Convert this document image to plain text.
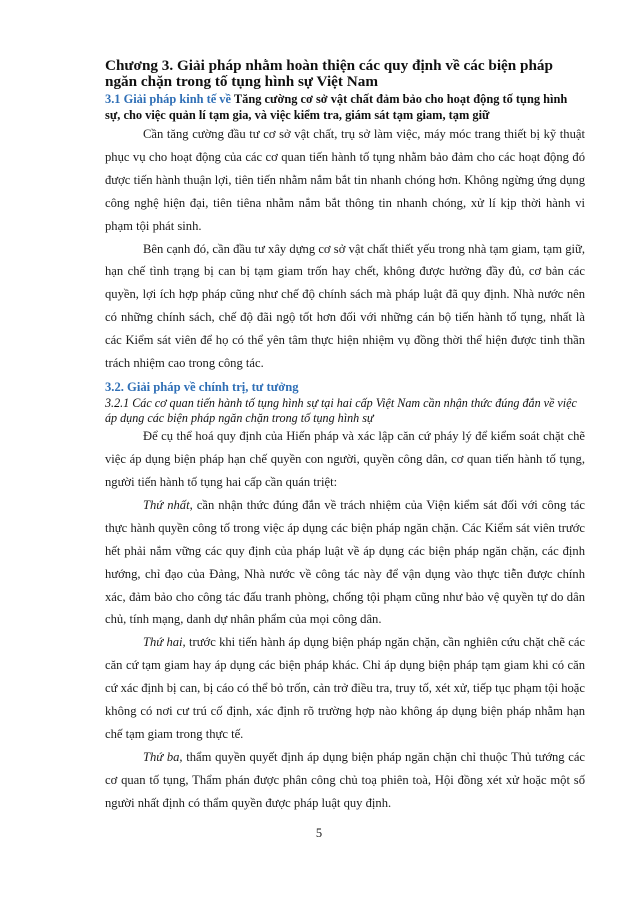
Chương 3. Giải pháp nhằm hoàn thiện các quy định về các biện pháp ngăn chặn trong tố tụng hình sự Việt Nam

3.1 Giải pháp kinh tế về Tăng cường cơ sở vật chất đảm bảo cho hoạt động tố tụng hình sự, cho việc quản lí tạm gia, và việc kiểm tra, giám sát tạm giam, tạm giữ

Cần tăng cường đầu tư cơ sở vật chất, trụ sở làm việc, máy móc trang thiết bị kỹ thuật phục vụ cho hoạt động của các cơ quan tiến hành tố tụng nhằm bảo đảm cho các hoạt động đó được tiến hành thuận lợi, tiên tiến nhằm nắm bắt tin nhanh chóng hơn. Không ngừng ứng dụng công nghệ hiện đại, tiên tiêna nhằm nắm bắt thông tin nhanh chóng, xử lí kịp thời hành vi phạm tội phát sinh.

Bên cạnh đó, cần đầu tư xây dựng cơ sở vật chất thiết yếu trong nhà tạm giam, tạm giữ, hạn chế tình trạng bị can bị tạm giam trốn hay chết, không được hưởng đầy đủ, cơ bản các quyền, lợi ích hợp pháp cũng như chế độ chính sách mà pháp luật đã quy định. Nhà nước nên có những chính sách, chế độ đãi ngộ tốt hơn đối với những cán bộ tiến hành tố tụng, nhất là các Kiểm sát viên để họ có thể yên tâm thực hiện nhiệm vụ đồng thời thể hiện được tinh thần trách nhiệm cao trong công tác.

3.2. Giải pháp về chính trị, tư tưởng

3.2.1 Các cơ quan tiến hành tố tụng hình sự tại hai cấp Việt Nam cần nhận thức đúng đắn về việc áp dụng các biện pháp ngăn chặn trong tố tụng hình sự

Để cụ thể hoá quy định của Hiến pháp và xác lập căn cứ pháy lý để kiểm soát chặt chẽ việc áp dụng biện pháp hạn chế quyền con người, quyền công dân, cơ quan tiến hành tố tụng, người tiến hành tố tụng hai cấp cần quán triệt:

Thứ nhất, cần nhận thức đúng đắn về trách nhiệm của Viện kiểm sát đối với công tác thực hành quyền công tố trong việc áp dụng các biện pháp ngăn chặn. Các Kiểm sát viên trước hết phải nắm vững các quy định của pháp luật về áp dụng các biện pháp ngăn chặn, các định hướng, chỉ đạo của Đảng, Nhà nước về công tác này để vận dụng vào thực tiễn được chính xác, đảm bảo cho công tác đấu tranh phòng, chống tội phạm cũng như bảo vệ quyền tự do dân chủ, tính mạng, danh dự nhân phẩm của mọi công dân.

Thứ hai, trước khi tiến hành áp dụng biện pháp ngăn chặn, cần nghiên cứu chặt chẽ các căn cứ tạm giam hay áp dụng các biện pháp khác. Chỉ áp dụng biện pháp tạm giam khi có căn cứ xác định bị can, bị cáo có thể bỏ trốn, cản trở điều tra, truy tố, xét xử, tiếp tục phạm tội hoặc không có nơi cư trú cố định, xác định rõ trường hợp nào không áp dụng biện pháp nhằm hạn chế tạm giam trong thực tế.

Thứ ba, thẩm quyền quyết định áp dụng biện pháp ngăn chặn chỉ thuộc Thủ tướng các cơ quan tố tụng, Thẩm phán được phân công chủ toạ phiên toà, Hội đồng xét xử hoặc một số người nhất định có thẩm quyền được pháp luật quy định.

5
